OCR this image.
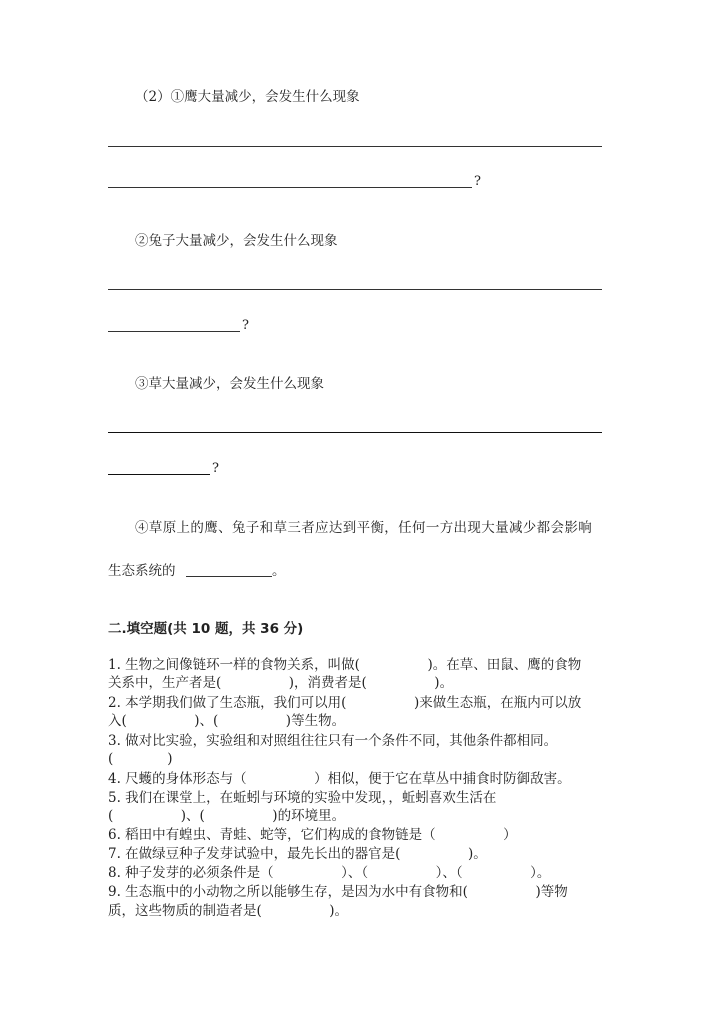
（2）①鹰大量减少，会发生什么现象
?
②兔子大量减少，会发生什么现象
?
③草大量减少，会发生什么现象
?
④草原上的鹰、兔子和草三者应达到平衡，任何一方出现大量减少都会影响
生态系统的	。
二.填空题(共 10 题，共 36 分)
1. 生物之间像链环一样的食物关系，叫做(　　　　　)。在草、田鼠、鹰的食物
关系中，生产者是(　　　　　)，消费者是(　　　　　)。
2. 本学期我们做了生态瓶，我们可以用(　　　　　)来做生态瓶，在瓶内可以放
入(　　　　　)、(　　　　　)等生物。
3. 做对比实验，实验组和对照组往往只有一个条件不同，其他条件都相同。
(　　　　)
4. 尺蠖的身体形态与（　　　　　）相似，便于它在草丛中捕食时防御敌害。
5. 我们在课堂上，在蚯蚓与环境的实验中发现，，蚯蚓喜欢生活在
(　　　　　)、(　　　　　)的环境里。
6. 稻田中有蝗虫、青蛙、蛇等，它们构成的食物链是（　　　　　）
7. 在做绿豆种子发芽试验中，最先长出的器官是(　　　　　)。
8. 种子发芽的必须条件是（　　　　　）、（　　　　　）、（　　　　　）。
9. 生态瓶中的小动物之所以能够生存，是因为水中有食物和(　　　　　)等物
质，这些物质的制造者是(　　　　　)。
